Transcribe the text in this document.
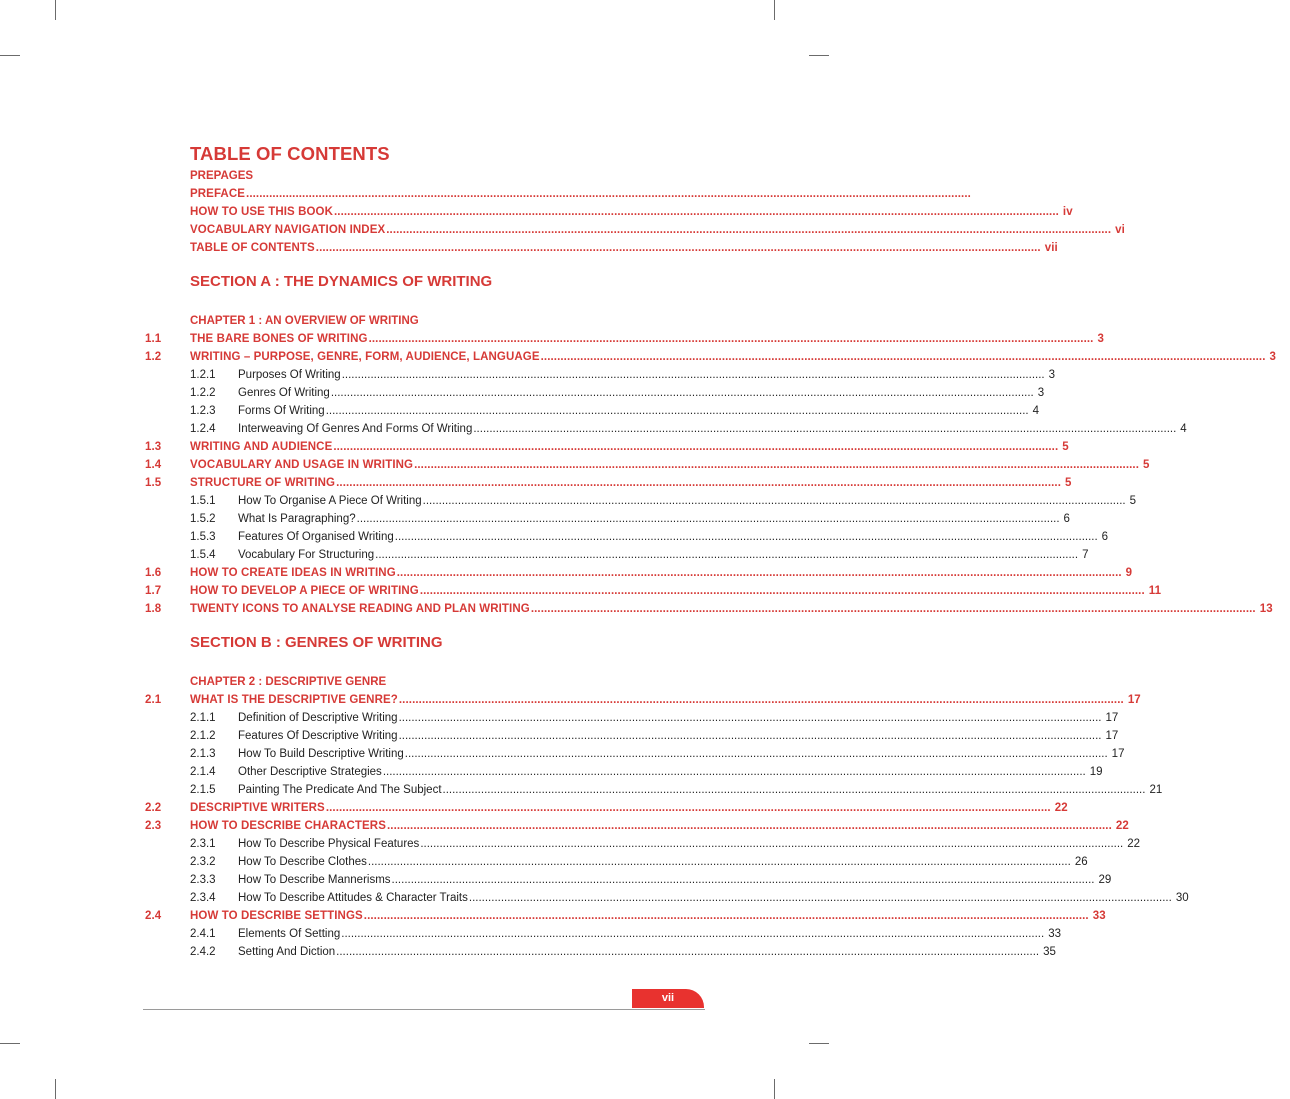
TABLE OF CONTENTS
PREPAGES
PREFACE ............................................................................................................................................................................................................................
HOW TO USE THIS BOOK ............................................................................................................................................................................................................................ iv
VOCABULARY NAVIGATION INDEX ............................................................................................................................................................................................................................ vi
TABLE OF CONTENTS ............................................................................................................................................................................................................................ vii
SECTION A : THE DYNAMICS OF WRITING
CHAPTER 1 : AN OVERVIEW OF WRITING
1.1	THE BARE BONES OF WRITING ............................................................................................................................................................................................................................ 3
1.2	WRITING – PURPOSE, GENRE, FORM, AUDIENCE, LANGUAGE ............................................................................................................................................................................................................................ 3
1.2.1	Purposes Of Writing ............................................................................................................................................................................................................................ 3
1.2.2	Genres Of Writing ............................................................................................................................................................................................................................ 3
1.2.3	Forms Of Writing ............................................................................................................................................................................................................................ 4
1.2.4	Interweaving Of Genres And Forms Of Writing ............................................................................................................................................................................................................................ 4
1.3	WRITING AND AUDIENCE ............................................................................................................................................................................................................................ 5
1.4	VOCABULARY AND USAGE IN WRITING ............................................................................................................................................................................................................................ 5
1.5	STRUCTURE OF WRITING ............................................................................................................................................................................................................................ 5
1.5.1	How To Organise A Piece Of Writing ............................................................................................................................................................................................................................ 5
1.5.2	What Is Paragraphing? ............................................................................................................................................................................................................................ 6
1.5.3	Features Of Organised Writing ............................................................................................................................................................................................................................ 6
1.5.4	Vocabulary For Structuring ............................................................................................................................................................................................................................ 7
1.6	HOW TO CREATE IDEAS IN WRITING ............................................................................................................................................................................................................................ 9
1.7	HOW TO DEVELOP A PIECE OF WRITING ............................................................................................................................................................................................................................ 11
1.8	TWENTY ICONS TO ANALYSE READING AND PLAN WRITING ............................................................................................................................................................................................................................ 13
SECTION B : GENRES OF WRITING
CHAPTER 2 : DESCRIPTIVE GENRE
2.1	WHAT IS THE DESCRIPTIVE GENRE? ............................................................................................................................................................................................................................ 17
2.1.1	Definition of Descriptive Writing ............................................................................................................................................................................................................................ 17
2.1.2	Features Of Descriptive Writing ............................................................................................................................................................................................................................ 17
2.1.3	How To Build Descriptive Writing ............................................................................................................................................................................................................................ 17
2.1.4	Other Descriptive Strategies ............................................................................................................................................................................................................................ 19
2.1.5	Painting The Predicate And The Subject ............................................................................................................................................................................................................................ 21
2.2	DESCRIPTIVE WRITERS ............................................................................................................................................................................................................................ 22
2.3	HOW TO DESCRIBE CHARACTERS ............................................................................................................................................................................................................................ 22
2.3.1	How To Describe Physical Features ............................................................................................................................................................................................................................ 22
2.3.2	How To Describe Clothes ............................................................................................................................................................................................................................ 26
2.3.3	How To Describe Mannerisms ............................................................................................................................................................................................................................ 29
2.3.4	How To Describe Attitudes & Character Traits ............................................................................................................................................................................................................................ 30
2.4	HOW TO DESCRIBE SETTINGS ............................................................................................................................................................................................................................ 33
2.4.1	Elements Of Setting ............................................................................................................................................................................................................................ 33
2.4.2	Setting And Diction ............................................................................................................................................................................................................................ 35
vii
